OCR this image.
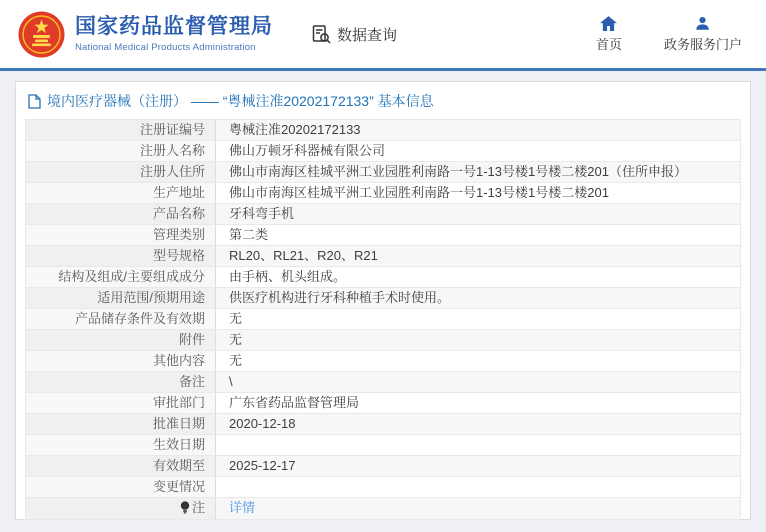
国家药品监督管理局
National Medical Products Administration
数据查询
首页	政务服务门户
境内医疗器械（注册） —— “粤械注准20202172133” 基本信息
注册证编号	粤械注准20202172133
注册人名称	佛山万顿牙科器械有限公司
注册人住所	佛山市南海区桂城平洲工业园胜利南路一号1-13号楼1号楼二楼201（住所申报）
生产地址	佛山市南海区桂城平洲工业园胜利南路一号1-13号楼1号楼二楼201
产品名称	牙科弯手机
管理类别	第二类
型号规格	RL20、RL21、R20、R21
结构及组成/主要组成成分	由手柄、机头组成。
适用范围/预期用途	供医疗机构进行牙科种植手术时使用。
产品储存条件及有效期	无
附件	无
其他内容	无
备注	\
审批部门	广东省药品监督管理局
批准日期	2020-12-18
生效日期
有效期至	2025-12-17
变更情况
注	详情
